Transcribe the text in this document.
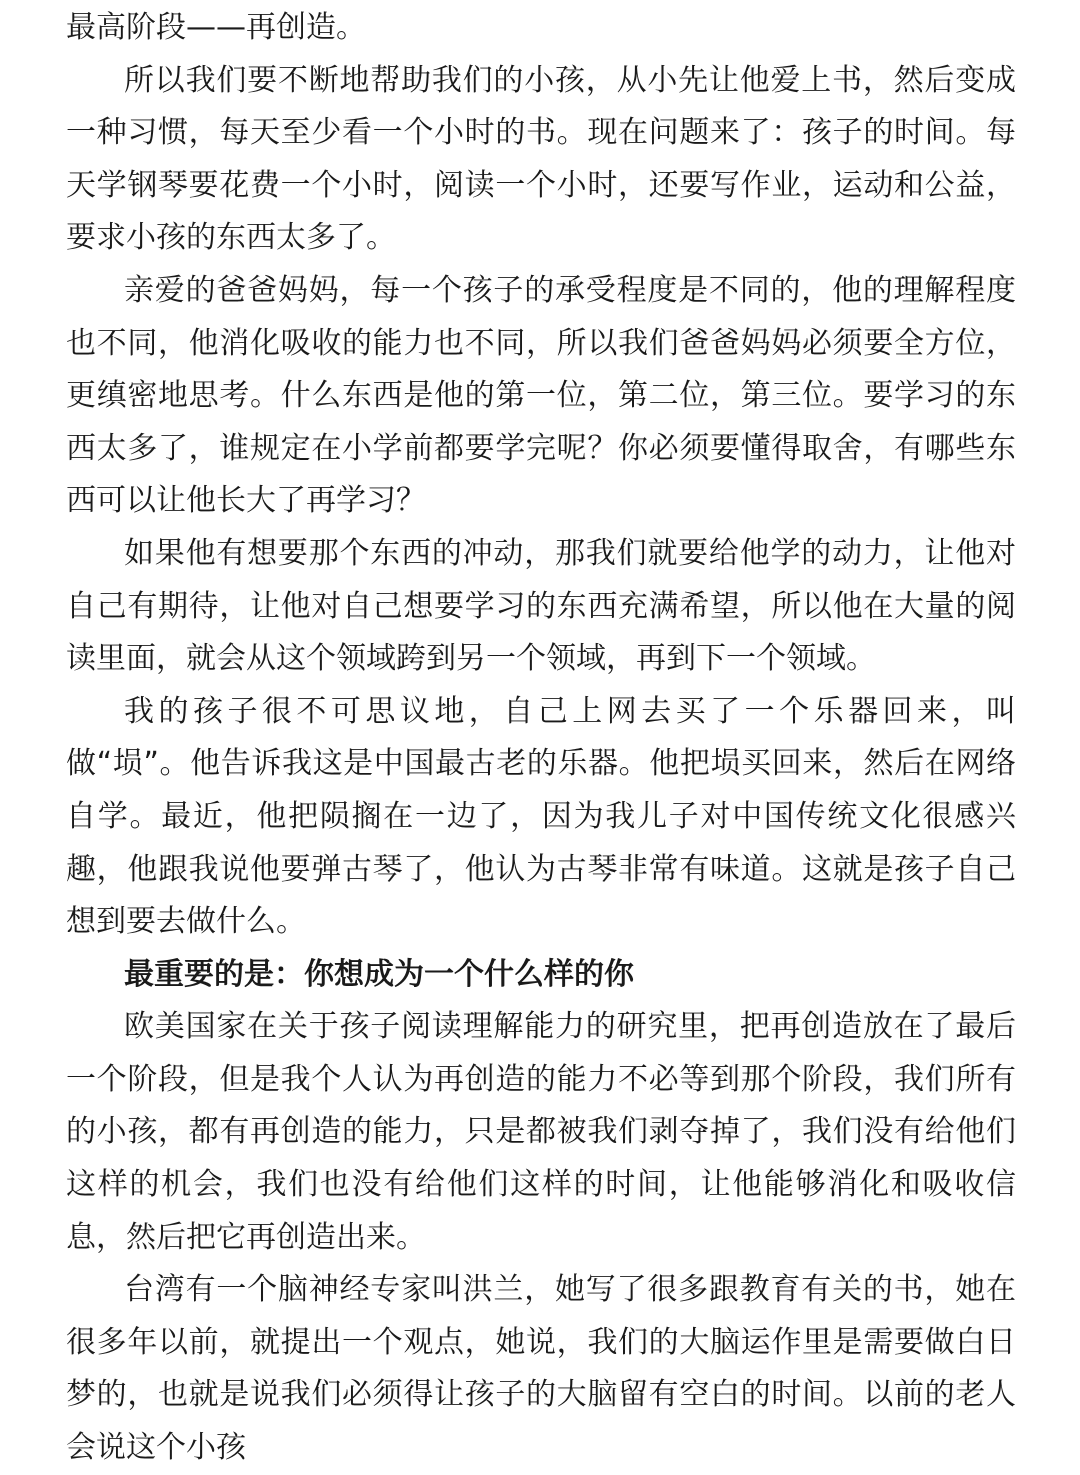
最高阶段——再创造。

所以我们要不断地帮助我们的小孩，从小先让他爱上书，然后变成一种习惯，每天至少看一个小时的书。现在问题来了：孩子的时间。每天学钢琴要花费一个小时，阅读一个小时，还要写作业，运动和公益，要求小孩的东西太多了。

亲爱的爸爸妈妈，每一个孩子的承受程度是不同的，他的理解程度也不同，他消化吸收的能力也不同，所以我们爸爸妈妈必须要全方位，更缜密地思考。什么东西是他的第一位，第二位，第三位。要学习的东西太多了，谁规定在小学前都要学完呢？你必须要懂得取舍，有哪些东西可以让他长大了再学习？

如果他有想要那个东西的冲动，那我们就要给他学的动力，让他对自己有期待，让他对自己想要学习的东西充满希望，所以他在大量的阅读里面，就会从这个领域跨到另一个领域，再到下一个领域。

我的孩子很不可思议地，自己上网去买了一个乐器回来，叫做“埙”。他告诉我这是中国最古老的乐器。他把埙买回来，然后在网络自学。最近，他把陨搁在一边了，因为我儿子对中国传统文化很感兴趣，他跟我说他要弹古琴了，他认为古琴非常有味道。这就是孩子自己想到要去做什么。

最重要的是：你想成为一个什么样的你

欧美国家在关于孩子阅读理解能力的研究里，把再创造放在了最后一个阶段，但是我个人认为再创造的能力不必等到那个阶段，我们所有的小孩，都有再创造的能力，只是都被我们剥夺掉了，我们没有给他们这样的机会，我们也没有给他们这样的时间，让他能够消化和吸收信息，然后把它再创造出来。

台湾有一个脑神经专家叫洪兰，她写了很多跟教育有关的书，她在很多年以前，就提出一个观点，她说，我们的大脑运作里是需要做白日梦的，也就是说我们必须得让孩子的大脑留有空白的时间。以前的老人会说这个小孩
